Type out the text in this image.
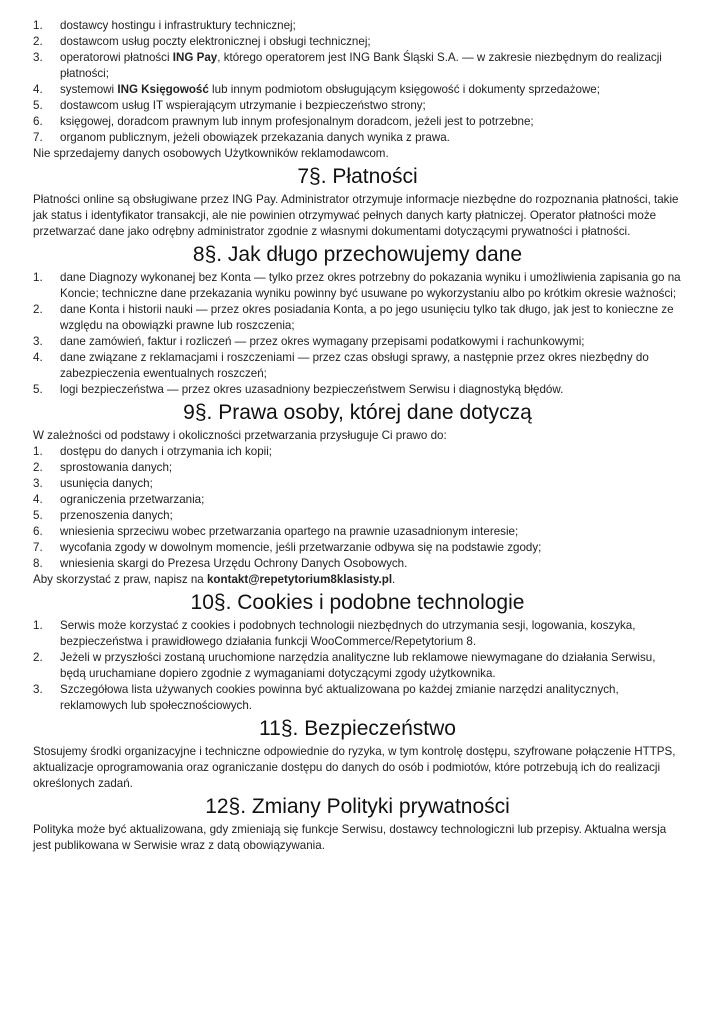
1. dostawcy hostingu i infrastruktury technicznej;
2. dostawcom usług poczty elektronicznej i obsługi technicznej;
3. operatorowi płatności ING Pay, którego operatorem jest ING Bank Śląski S.A. — w zakresie niezbędnym do realizacji płatności;
4. systemowi ING Księgowość lub innym podmiotom obsługującym księgowość i dokumenty sprzedażowe;
5. dostawcom usług IT wspierającym utrzymanie i bezpieczeństwo strony;
6. księgowej, doradcom prawnym lub innym profesjonalnym doradcom, jeżeli jest to potrzebne;
7. organom publicznym, jeżeli obowiązek przekazania danych wynika z prawa.

Nie sprzedajemy danych osobowych Użytkowników reklamodawcom.

7§. Płatności

Płatności online są obsługiwane przez ING Pay. Administrator otrzymuje informacje niezbędne do rozpoznania płatności, takie jak status i identyfikator transakcji, ale nie powinien otrzymywać pełnych danych karty płatniczej. Operator płatności może przetwarzać dane jako odrębny administrator zgodnie z własnymi dokumentami dotyczącymi prywatności i płatności.

8§. Jak długo przechowujemy dane
1. dane Diagnozy wykonanej bez Konta — tylko przez okres potrzebny do pokazania wyniku i umożliwienia zapisania go na Koncie; techniczne dane przekazania wyniku powinny być usuwane po wykorzystaniu albo po krótkim okresie ważności;
2. dane Konta i historii nauki — przez okres posiadania Konta, a po jego usunięciu tylko tak długo, jak jest to konieczne ze względu na obowiązki prawne lub roszczenia;
3. dane zamówień, faktur i rozliczeń — przez okres wymagany przepisami podatkowymi i rachunkowymi;
4. dane związane z reklamacjami i roszczeniami — przez czas obsługi sprawy, a następnie przez okres niezbędny do zabezpieczenia ewentualnych roszczeń;
5. logi bezpieczeństwa — przez okres uzasadniony bezpieczeństwem Serwisu i diagnostyką błędów.
9§. Prawa osoby, której dane dotyczą

W zależności od podstawy i okoliczności przetwarzania przysługuje Ci prawo do:

1. dostępu do danych i otrzymania ich kopii;
2. sprostowania danych;
3. usunięcia danych;
4. ograniczenia przetwarzania;
5. przenoszenia danych;
6. wniesienia sprzeciwu wobec przetwarzania opartego na prawnie uzasadnionym interesie;
7. wycofania zgody w dowolnym momencie, jeśli przetwarzanie odbywa się na podstawie zgody;
8. wniesienia skargi do Prezesa Urzędu Ochrony Danych Osobowych.

Aby skorzystać z praw, napisz na kontakt@repetytorium8klasisty.pl.

10§. Cookies i podobne technologie
1. Serwis może korzystać z cookies i podobnych technologii niezbędnych do utrzymania sesji, logowania, koszyka, bezpieczeństwa i prawidłowego działania funkcji WooCommerce/Repetytorium 8.
2. Jeżeli w przyszłości zostaną uruchomione narzędzia analityczne lub reklamowe niewymagane do działania Serwisu, będą uruchamiane dopiero zgodnie z wymaganiami dotyczącymi zgody użytkownika.
3. Szczegółowa lista używanych cookies powinna być aktualizowana po każdej zmianie narzędzi analitycznych, reklamowych lub społecznościowych.
11§. Bezpieczeństwo

Stosujemy środki organizacyjne i techniczne odpowiednie do ryzyka, w tym kontrolę dostępu, szyfrowane połączenie HTTPS, aktualizacje oprogramowania oraz ograniczanie dostępu do danych do osób i podmiotów, które potrzebują ich do realizacji określonych zadań.

12§. Zmiany Polityki prywatności

Polityka może być aktualizowana, gdy zmieniają się funkcje Serwisu, dostawcy technologiczni lub przepisy. Aktualna wersja jest publikowana w Serwisie wraz z datą obowiązywania.
